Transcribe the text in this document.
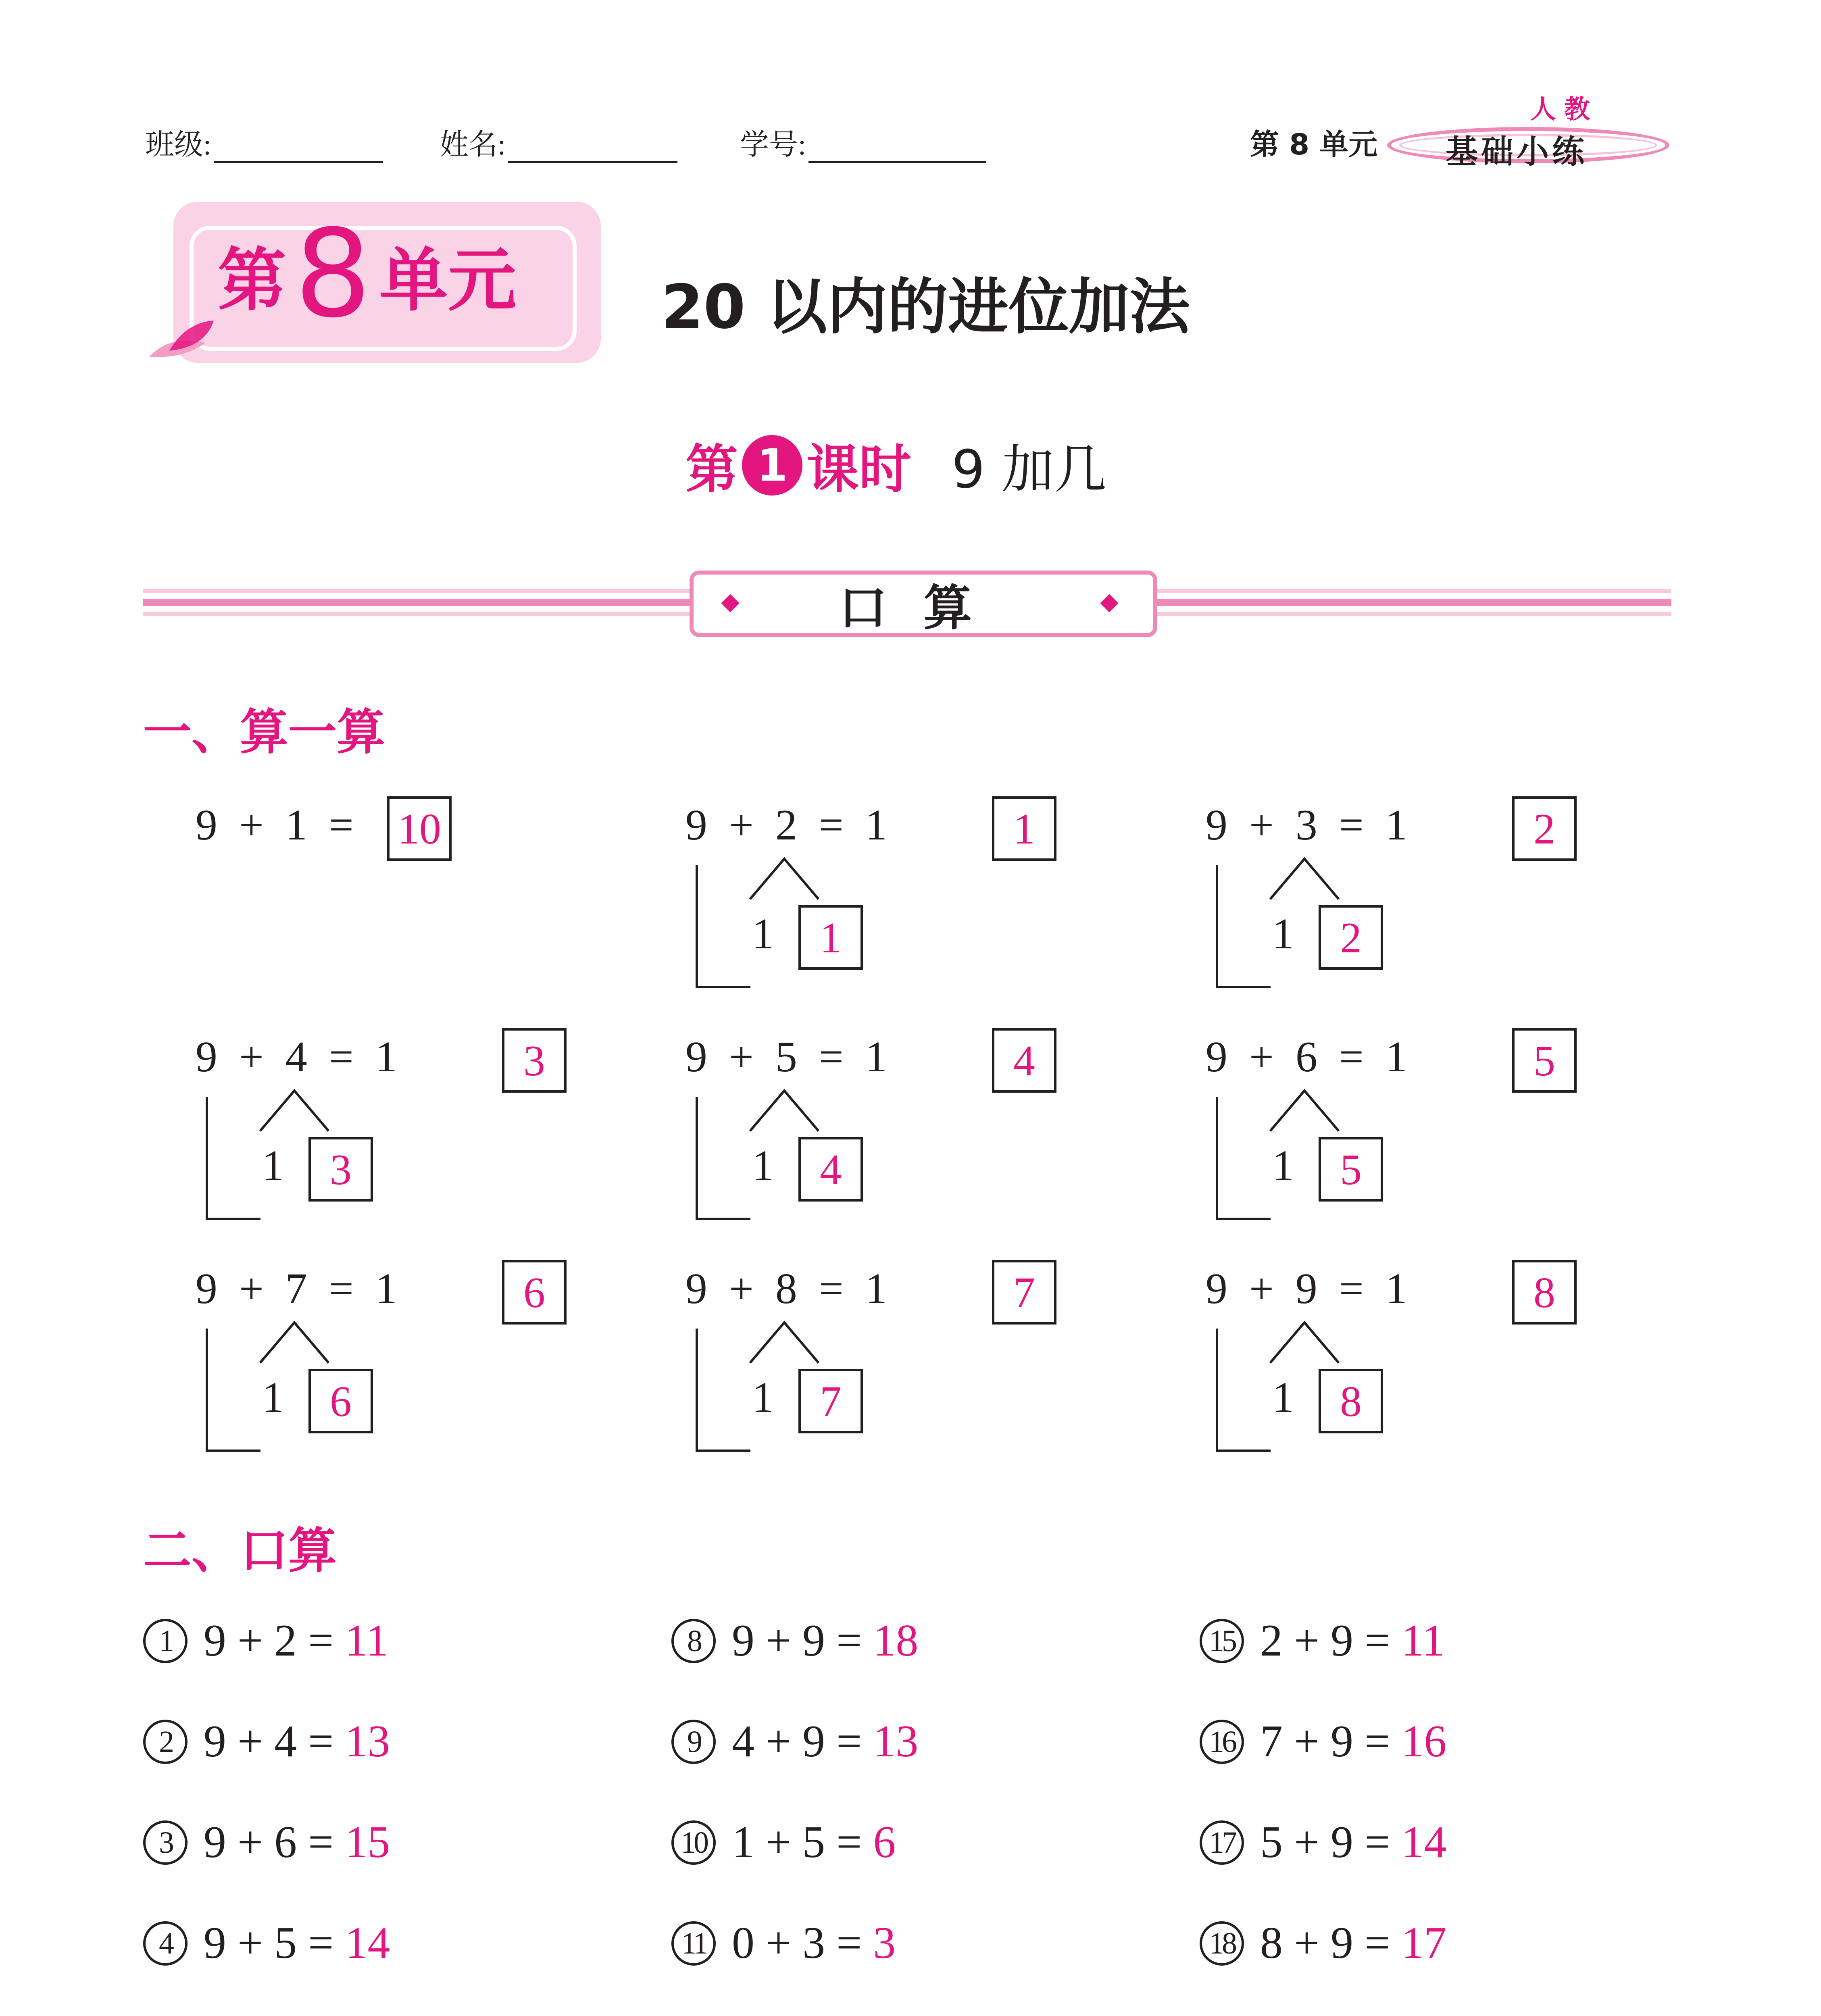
班级:	姓名:	学号:	第 8 单元
人教
基础小练
第 8 单元 20 以内的进位加法
第 1 课时 9 加几
口算
一、算一算
9  +  1  = 10	9  +  2  =  1	1
1	1
9  +  3  =  1	2
1	2
9  +  4  =  1	3
1	3
9  +  5  =  1	4
1	4
9  +  6  =  1	5
1	5
9  +  7  =  1	6
1	6
9  +  8  =  1	7
1	7
9  +  9  =  1	8
1	8
二、口算
1 9 + 2 = 11
2 9 + 4 = 13
3 9 + 6 = 15
4 9 + 5 = 14
8 9 + 9 = 18
9 4 + 9 = 13
10 1 + 5 = 6
11 0 + 3 = 3
15 2 + 9 = 11
16 7 + 9 = 16
17 5 + 9 = 14
18 8 + 9 = 17
